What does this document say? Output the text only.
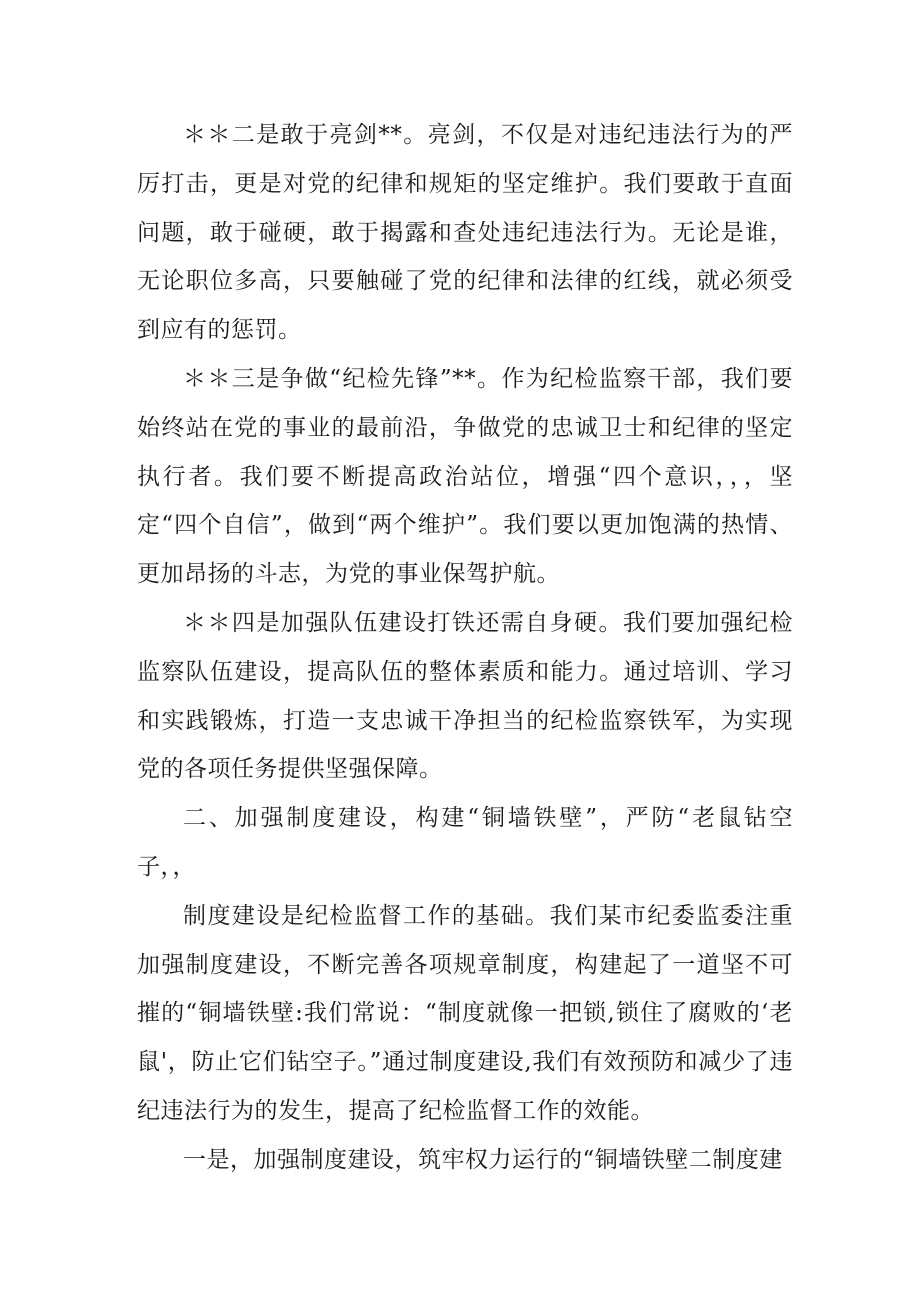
＊＊二是敢于亮剑**。亮剑，不仅是对违纪违法行为的严厉打击，更是对党的纪律和规矩的坚定维护。我们要敢于直面问题，敢于碰硬，敢于揭露和查处违纪违法行为。无论是谁，无论职位多高，只要触碰了党的纪律和法律的红线，就必须受到应有的惩罚。

＊＊三是争做“纪检先锋”**。作为纪检监察干部，我们要始终站在党的事业的最前沿，争做党的忠诚卫士和纪律的坚定执行者。我们要不断提高政治站位，增强“四个意识，，，坚定“四个自信”，做到“两个维护”。我们要以更加饱满的热情、更加昂扬的斗志，为党的事业保驾护航。

＊＊四是加强队伍建设打铁还需自身硬。我们要加强纪检监察队伍建设，提高队伍的整体素质和能力。通过培训、学习和实践锻炼，打造一支忠诚干净担当的纪检监察铁军，为实现党的各项任务提供坚强保障。

二、加强制度建设，构建“铜墙铁壁”，严防“老鼠钻空子，，

制度建设是纪检监督工作的基础。我们某市纪委监委注重加强制度建设，不断完善各项规章制度，构建起了一道坚不可摧的“铜墙铁壁:我们常说：“制度就像一把锁,锁住了腐败的‘老鼠'，防止它们钻空子。”通过制度建设,我们有效预防和减少了违纪违法行为的发生，提高了纪检监督工作的效能。

一是，加强制度建设，筑牢权力运行的“铜墙铁壁二制度建
